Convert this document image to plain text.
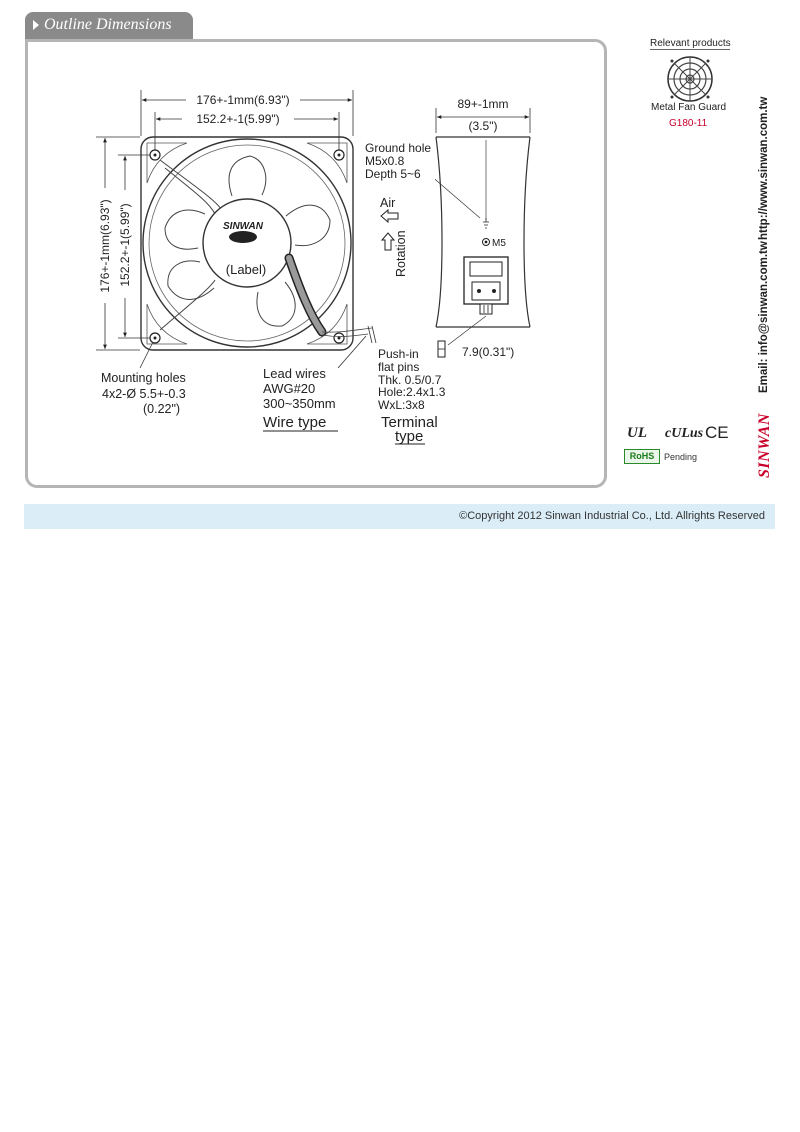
Outline Dimensions
176+-1mm(6.93")
152.2+-1(5.99")
176+-1mm(6.93") 152.2+-1(5.99")	SINWAN
(Label)
Mounting holes
4x2-Ø 5.5+-0.3
(0.22")
Air
Rotation
Lead wires
AWG#20
300~350mm
Wire type
89+-1mm
(3.5")
Ground hole
M5x0.8
Depth 5~6
M5
7.9(0.31")
Push-in
flat pins
Thk. 0.5/0.7
Hole:2.4x1.3
WxL:3x8
Terminal
type	UL cULus CE
Pending
Relevant products
Metal Fan Guard
G180-11
RoHS
http://www.sinwan.com.tw
Email: info@sinwan.com.tw
SINWAN
©Copyright 2012 Sinwan Industrial Co., Ltd. Allrights Reserved
